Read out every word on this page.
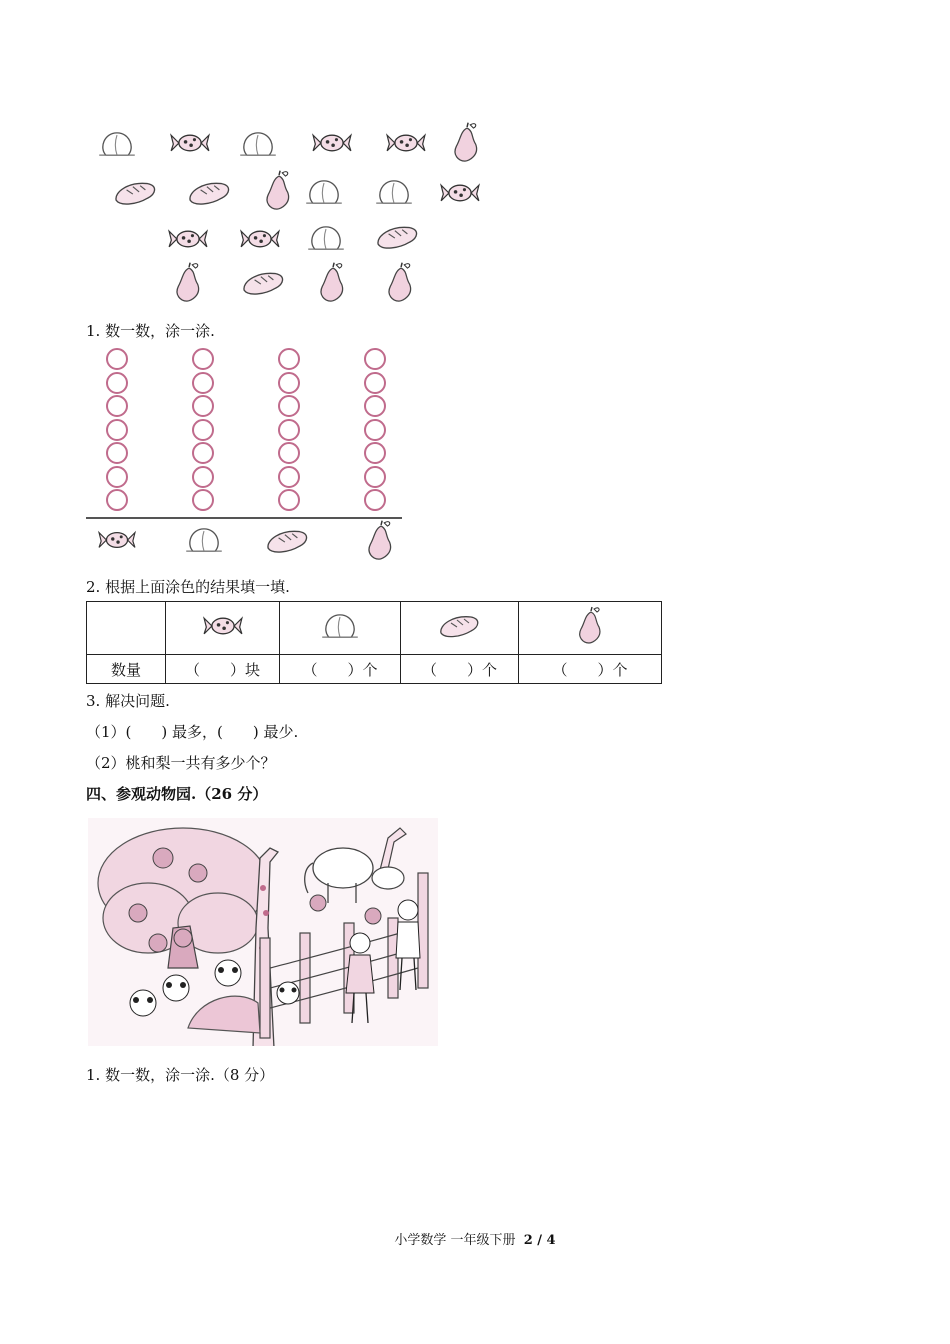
1. 数一数，涂一涂.
2. 根据上面涂色的结果填一填.

数量	（　　）块	（　　）个	（　　）个	（　　）个
3. 解决问题.
（1）(　　) 最多，(　　) 最少.
（2）桃和梨一共有多少个？
四、参观动物园.（26 分）
1. 数一数，涂一涂.（8 分）
小学数学 一年级下册 2 / 4
